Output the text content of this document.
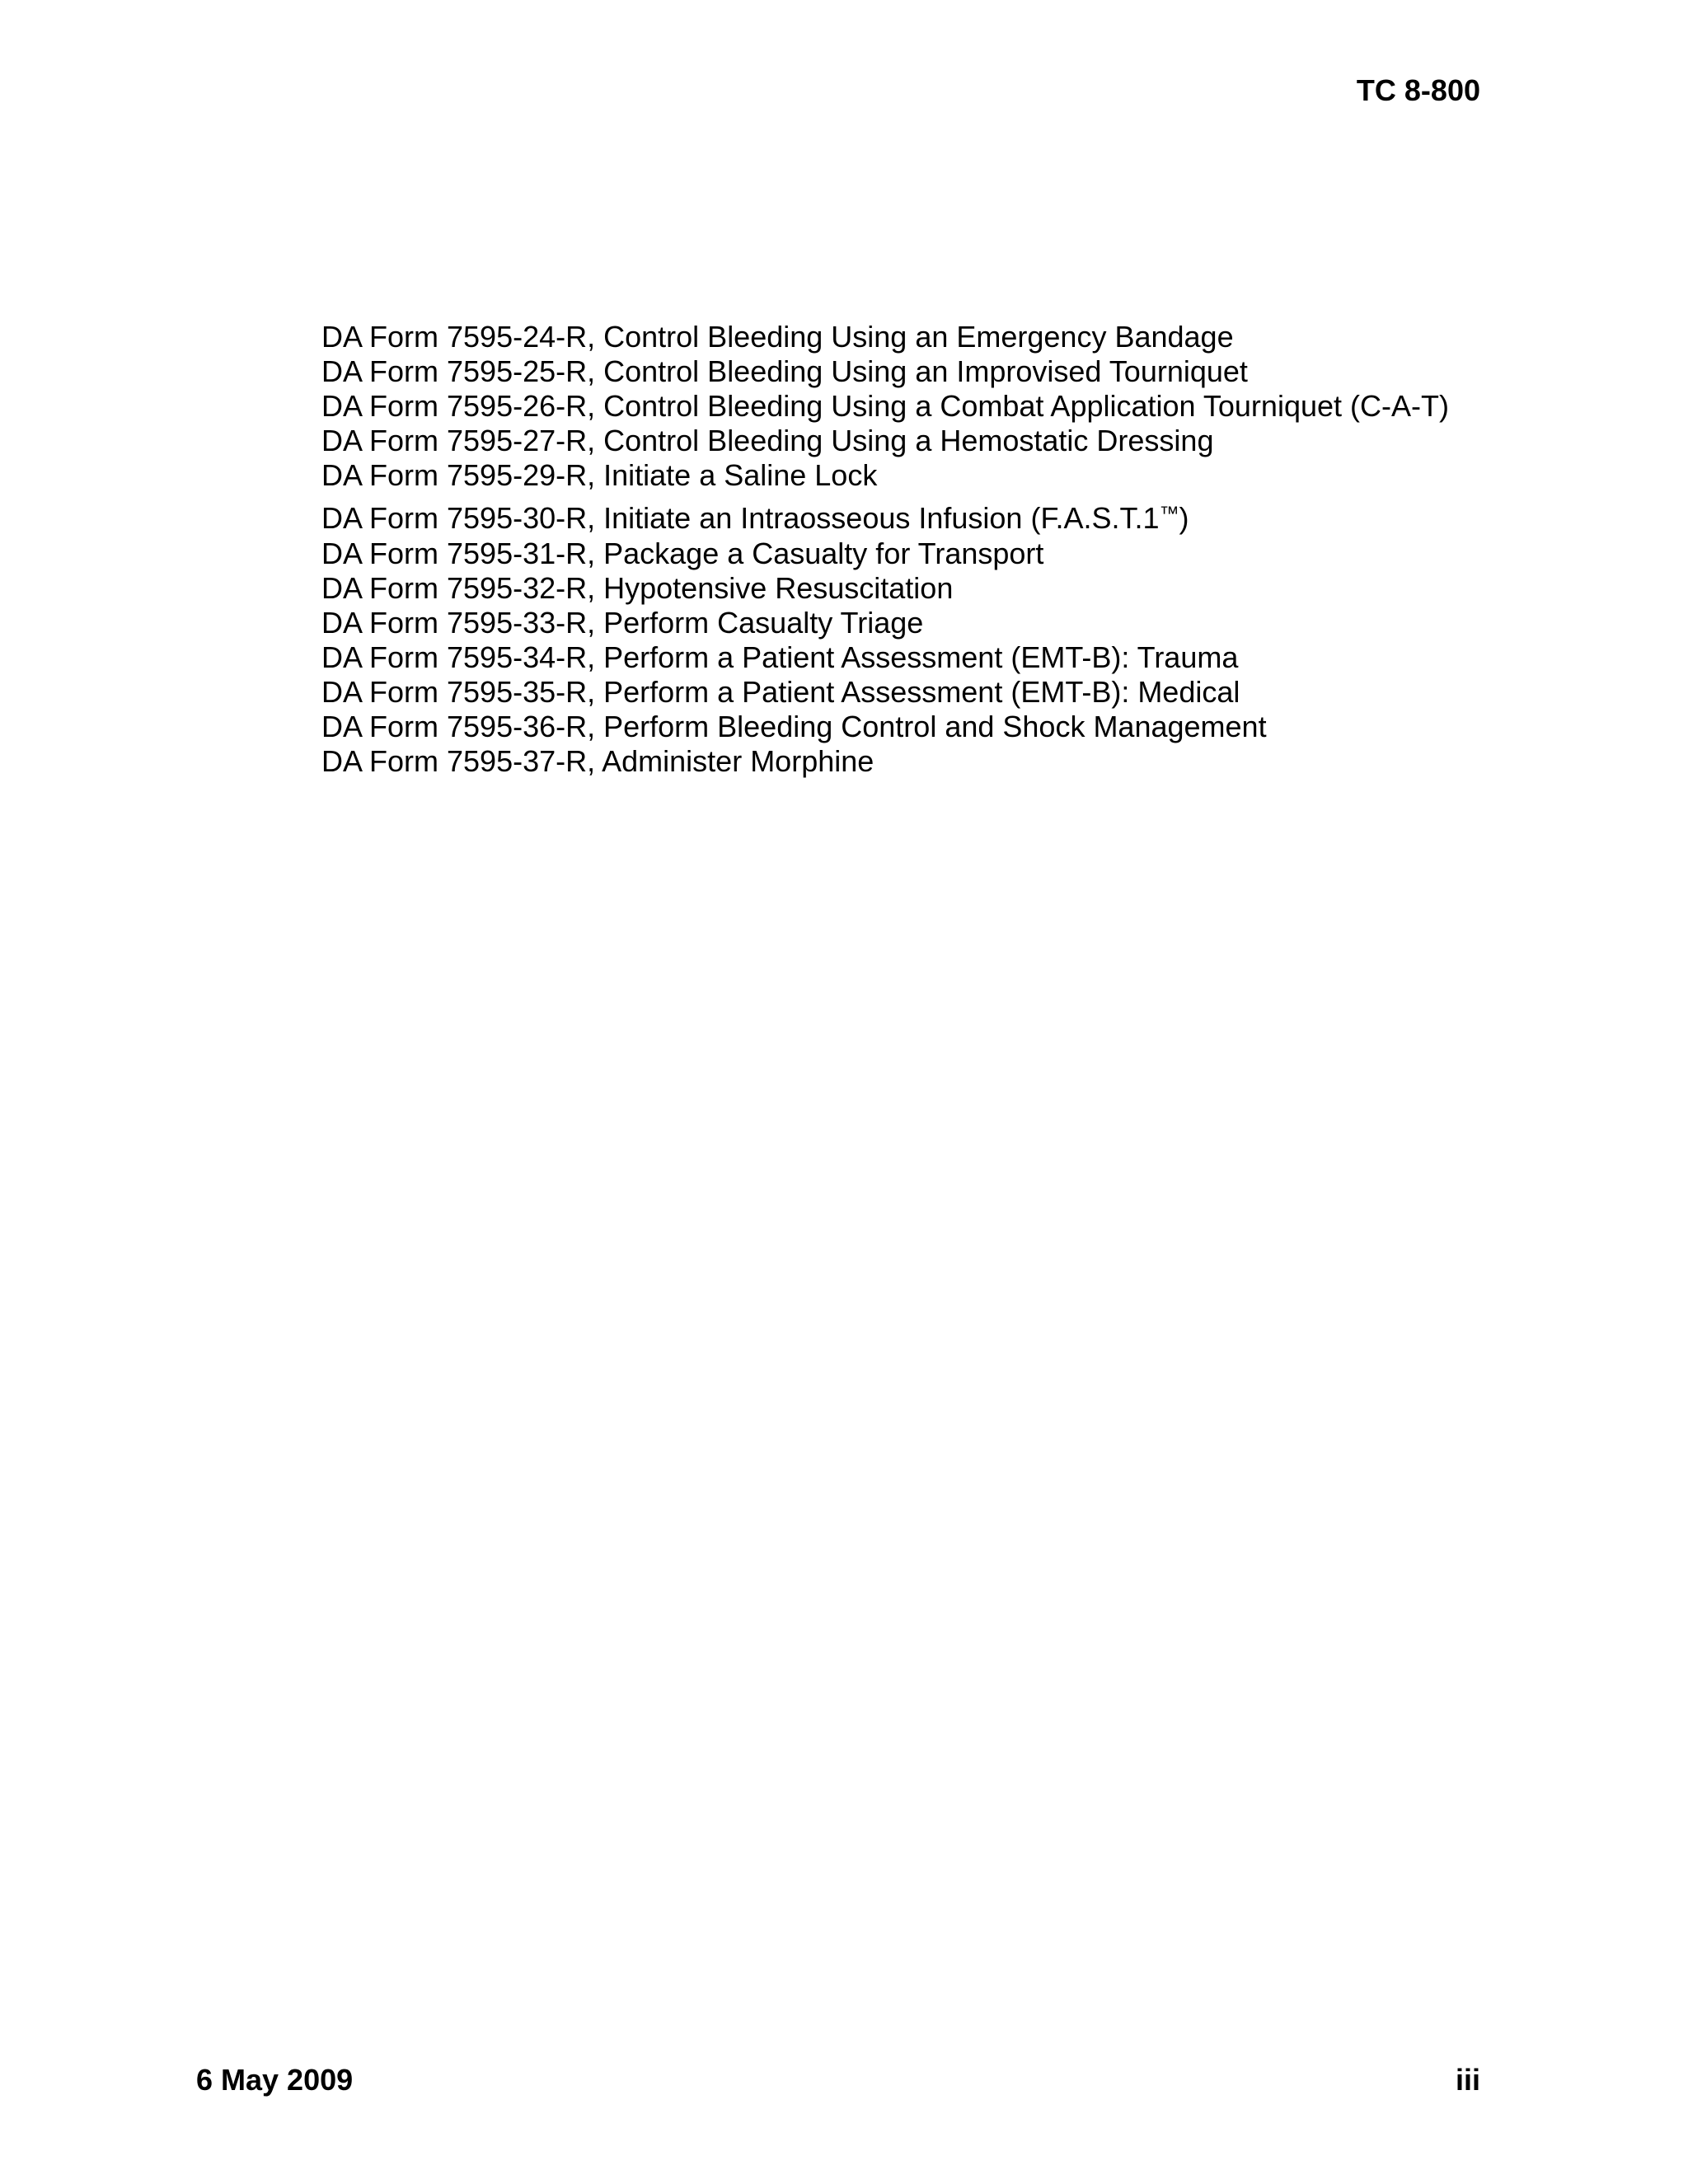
TC 8-800
DA Form 7595-24-R, Control Bleeding Using an Emergency Bandage
DA Form 7595-25-R, Control Bleeding Using an Improvised Tourniquet
DA Form 7595-26-R, Control Bleeding Using a Combat Application Tourniquet (C-A-T)
DA Form 7595-27-R, Control Bleeding Using a Hemostatic Dressing
DA Form 7595-29-R, Initiate a Saline Lock
DA Form 7595-30-R, Initiate an Intraosseous Infusion (F.A.S.T.1™)
DA Form 7595-31-R, Package a Casualty for Transport
DA Form 7595-32-R, Hypotensive Resuscitation
DA Form 7595-33-R, Perform Casualty Triage
DA Form 7595-34-R, Perform a Patient Assessment (EMT-B): Trauma
DA Form 7595-35-R, Perform a Patient Assessment (EMT-B): Medical
DA Form 7595-36-R, Perform Bleeding Control and Shock Management
DA Form 7595-37-R, Administer Morphine
6 May 2009	iii
